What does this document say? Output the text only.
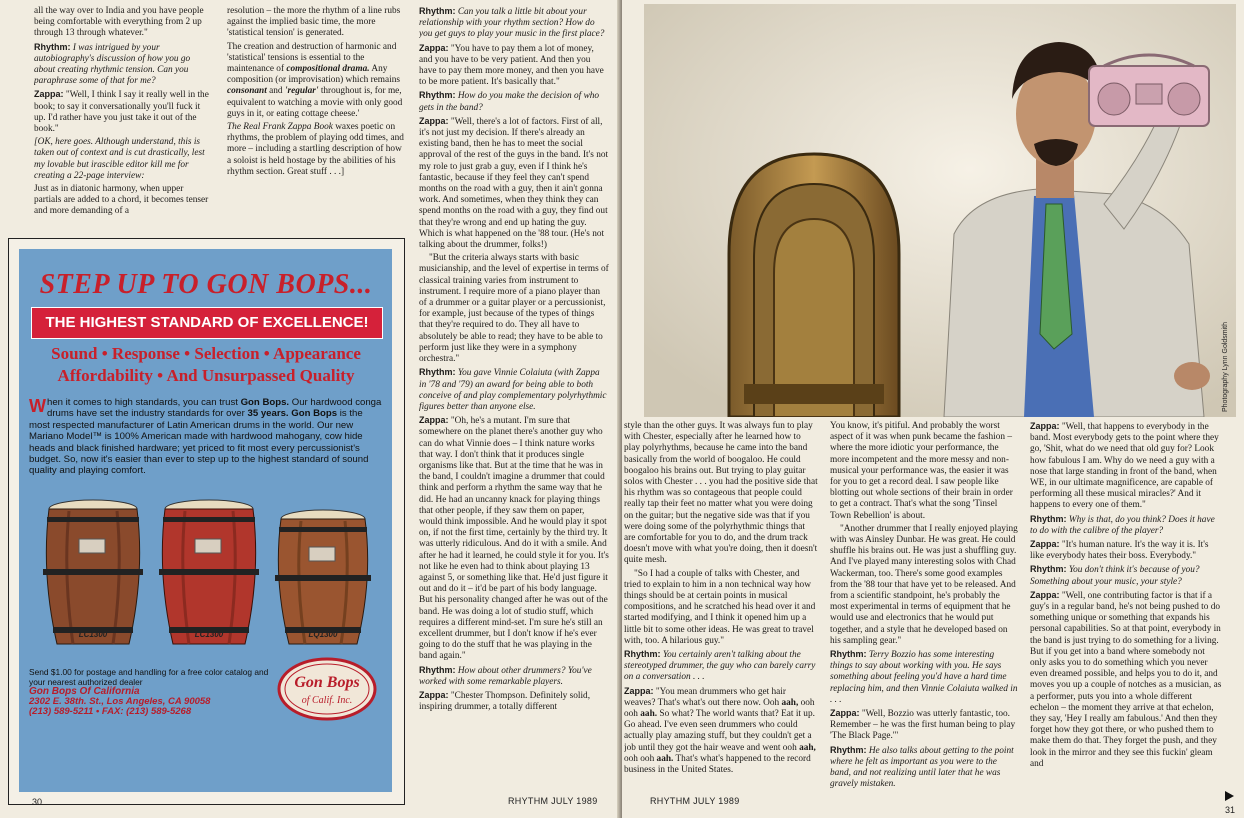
all the way over to India and you have people being comfortable with everything from 2 up through 13 through whatever."

Rhythm: I was intrigued by your autobiography's discussion of how you go about creating rhythmic tension. Can you paraphrase some of that for me?

Zappa: "Well, I think I say it really well in the book; to say it conversationally you'll fuck it up. I'd rather have you just take it out of the book."

[OK, here goes. Although understand, this is taken out of context and is cut drastically, lest my lovable but irascible editor kill me for creating a 22-page interview:

Just as in diatonic harmony, when upper partials are added to a chord, it becomes tenser and more demanding of a

resolution – the more the rhythm of a line rubs against the implied basic time, the more 'statistical tension' is generated.

The creation and destruction of harmonic and 'statistical' tensions is essential to the maintenance of compositional drama. Any composition (or improvisation) which remains consonant and 'regular' throughout is, for me, equivalent to watching a movie with only good guys in it, or eating cottage cheese.'

The Real Frank Zappa Book waxes poetic on rhythms, the problem of playing odd times, and more – including a startling description of how a soloist is held hostage by the abilities of his rhythm section. Great stuff . . .]

Rhythm: Can you talk a little bit about your relationship with your rhythm section? How do you get guys to play your music in the first place?

Zappa: "You have to pay them a lot of money, and you have to be very patient. And then you have to pay them more money, and then you have to be more patient. It's basically that."

Rhythm: How do you make the decision of who gets in the band?

Zappa: "Well, there's a lot of factors. First of all, it's not just my decision. If there's already an existing band, then he has to meet the social approval of the rest of the guys in the band. It's not my role to just grab a guy, even if I think he's fantastic, because if they feel they can't spend months on the road with a guy, then it ain't gonna work. And sometimes, when they think they can spend months on the road with a guy, they find out that they're wrong and end up hating the guy. Which is what happened on the '88 tour. (He's not talking about the drummer, folks!)

"But the criteria always starts with basic musicianship, and the level of expertise in terms of classical training varies from instrument to instrument. I require more of a piano player than of a drummer or a guitar player or a percussionist, for example, just because of the types of things that they're required to do. They all have to absolutely be able to read; they have to be able to perform just like they were in a symphony orchestra."

Rhythm: You gave Vinnie Colaiuta (with Zappa in '78 and '79) an award for being able to both conceive of and play complementary polyrhythmic figures better than anyone else.

Zappa: "Oh, he's a mutant. I'm sure that somewhere on the planet there's another guy who can do what Vinnie does – I think nature works that way. I don't think that it produces single organisms like that. But at the time that he was in the band, I couldn't imagine a drummer that could think and perform a rhythm the same way that he did. He had an uncanny knack for playing things that other people, if they saw them on paper, would think impossible. And he would play it spot on, if not the first time, certainly by the third try. It was utterly ridiculous. And do it with a smile. And after he had it learned, he could style it for you. It's not like he even had to think about playing 13 against 5, or something like that. He'd just figure it out and do it – it'd be part of his body language. But his personality changed after he was out of the band. He was doing a lot of studio stuff, which requires a different mind-set. I'm sure he's still an excellent drummer, but I don't know if he's ever going to do the stuff that he was playing in the band again."

Rhythm: How about other drummers? You've worked with some remarkable players.

Zappa: "Chester Thompson. Definitely solid, inspiring drummer, a totally different

STEP UP TO GON BOPS...
THE HIGHEST STANDARD OF EXCELLENCE!
Sound • Response • Selection • Appearance
Affordability • And Unsurpassed Quality
When it comes to high standards, you can trust Gon Bops. Our hardwood conga drums have set the industry standards for over 35 years. Gon Bops is the most respected manufacturer of Latin American drums in the world. Our new Mariano Model™ is 100% American made with hardwood mahogany, cow hide heads and black finished hardware; yet priced to fit most every percussionist's budget. So, now it's easier than ever to step up to the highest standard of sound quality and playing comfort.
LC1300	LC1300	LQ1300
Send $1.00 for postage and handling for a free color catalog and your nearest authorized dealer
Gon Bops Of California
2302 E. 38th. St., Los Angeles, CA 90058
(213) 589-5211 • FAX: (213) 589-5268
Gon Bops
of Calif. Inc.
30	RHYTHM JULY 1989
Photography Lynn Goldsmith

style than the other guys. It was always fun to play with Chester, especially after he learned how to play polyrhythms, because he came into the band basically from the world of boogaloo. He could boogaloo his brains out. But trying to play guitar solos with Chester . . . you had the positive side that his rhythm was so contageous that people could really tap their feet no matter what you were doing on the guitar; but the negative side was that if you were doing some of the polyrhythmic things that are comfortable for you to do, and the drum track doesn't move with what you're doing, then it doesn't quite mesh.

"So I had a couple of talks with Chester, and tried to explain to him in a non technical way how things should be at certain points in musical compositions, and he scratched his head over it and started modifying, and I think it opened him up a little bit to some other ideas. He was great to travel with, too. A hilarious guy."

Rhythm: You certainly aren't talking about the stereotyped drummer, the guy who can barely carry on a conversation . . .

Zappa: "You mean drummers who get hair weaves? That's what's out there now. Ooh aah, ooh ooh aah. So what? The world wants that? Eat it up. Go ahead. I've even seen drummers who could actually play amazing stuff, but they couldn't get a job until they got the hair weave and went ooh aah, ooh ooh aah. That's what's happened to the record business in the United States.

You know, it's pitiful. And probably the worst aspect of it was when punk became the fashion – where the more idiotic your performance, the more incompetent and the more messy and non-musical your performance was, the easier it was for you to get a record deal. I saw people like blotting out whole sections of their brain in order to get a contract. That's what the song 'Tinsel Town Rebellion' is about.

"Another drummer that I really enjoyed playing with was Ainsley Dunbar. He was great. He could shuffle his brains out. He was just a shuffling guy. And I've played many interesting solos with Chad Wackerman, too. There's some good examples from the '88 tour that have yet to be released. And from a scientific standpoint, he's probably the most experimental in terms of equipment that he would use and electronics that he would put together, and a style that he developed based on his sampling gear."

Rhythm: Terry Bozzio has some interesting things to say about working with you. He says something about feeling you'd have a hard time replacing him, and then Vinnie Colaiuta walked in . . .

Zappa: "Well, Bozzio was utterly fantastic, too. Remember – he was the first human being to play 'The Black Page.'"

Rhythm: He also talks about getting to the point where he felt as important as you were to the band, and not realizing until later that he was gravely mistaken.

Zappa: "Well, that happens to everybody in the band. Most everybody gets to the point where they go, 'Shit, what do we need that old guy for? Look how fabulous I am. Why do we need a guy with a nose that large standing in front of the band, when WE, in our ultimate magnificence, are capable of performing all these musical miracles?' And it happens to every one of them."

Rhythm: Why is that, do you think? Does it have to do with the calibre of the player?

Zappa: "It's human nature. It's the way it is. It's like everybody hates their boss. Everybody."

Rhythm: You don't think it's because of you? Something about your music, your style?

Zappa: "Well, one contributing factor is that if a guy's in a regular band, he's not being pushed to do something unique or something that expands his personal capabilities. So at that point, everybody in the band is just trying to do something for a living. But if you get into a band where somebody not only asks you to do something which you never even dreamed possible, and helps you to do it, and moves you up a couple of notches as a musician, as a performer, puts you into a whole different echelon – the moment they arrive at that echelon, they say, 'Hey I really am fabulous.' And then they forget how they got there, or who pushed them to make them do that. They forget the push, and they look in the mirror and they see this fuckin' gleam and

RHYTHM JULY 1989
31
